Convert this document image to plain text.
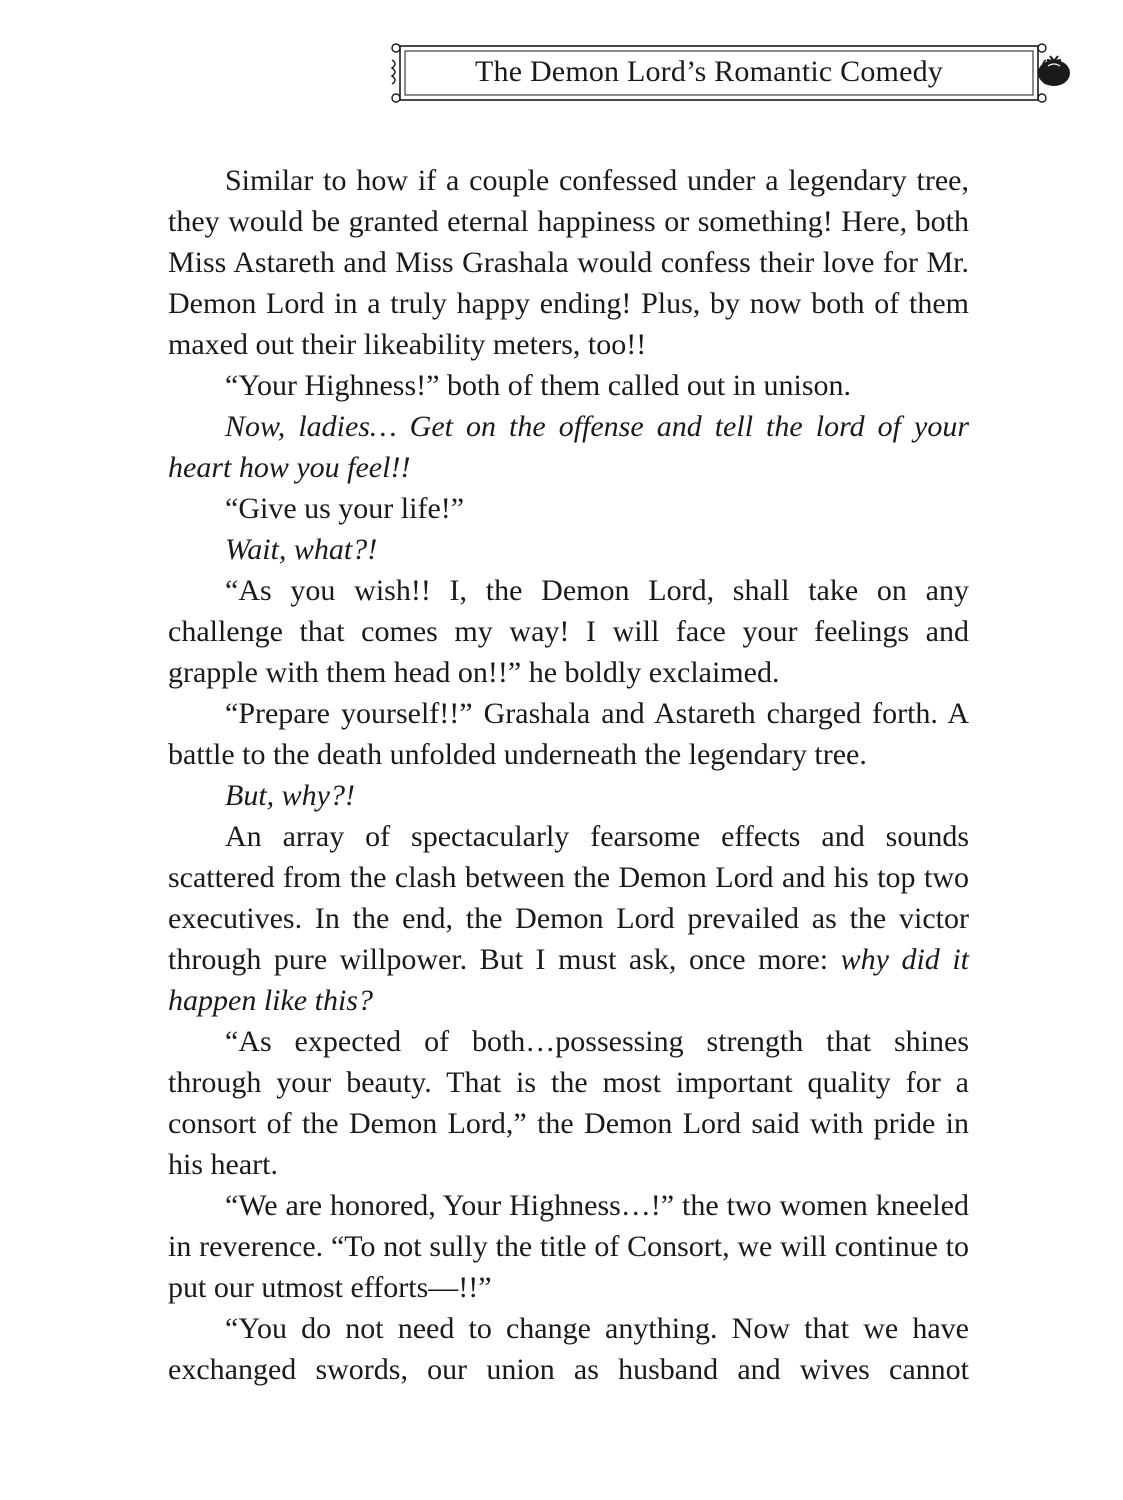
The Demon Lord’s Romantic Comedy

Similar to how if a couple confessed under a legendary tree, they would be granted eternal happiness or something! Here, both Miss Astareth and Miss Grashala would confess their love for Mr. Demon Lord in a truly happy ending! Plus, by now both of them maxed out their likeability meters, too!!

“Your Highness!” both of them called out in unison.

Now, ladies… Get on the offense and tell the lord of your heart how you feel!!

“Give us your life!”

Wait, what?!

“As you wish!! I, the Demon Lord, shall take on any challenge that comes my way! I will face your feelings and grapple with them head on!!” he boldly exclaimed.

“Prepare yourself!!” Grashala and Astareth charged forth. A battle to the death unfolded underneath the legendary tree.

But, why?!

An array of spectacularly fearsome effects and sounds scattered from the clash between the Demon Lord and his top two executives. In the end, the Demon Lord prevailed as the victor through pure willpower. But I must ask, once more: why did it happen like this?

“As expected of both…possessing strength that shines through your beauty. That is the most important quality for a consort of the Demon Lord,” the Demon Lord said with pride in his heart.

“We are honored, Your Highness…!” the two women kneeled in reverence. “To not sully the title of Consort, we will continue to put our utmost efforts—!!”

“You do not need to change anything. Now that we have exchanged swords, our union as husband and wives cannot
